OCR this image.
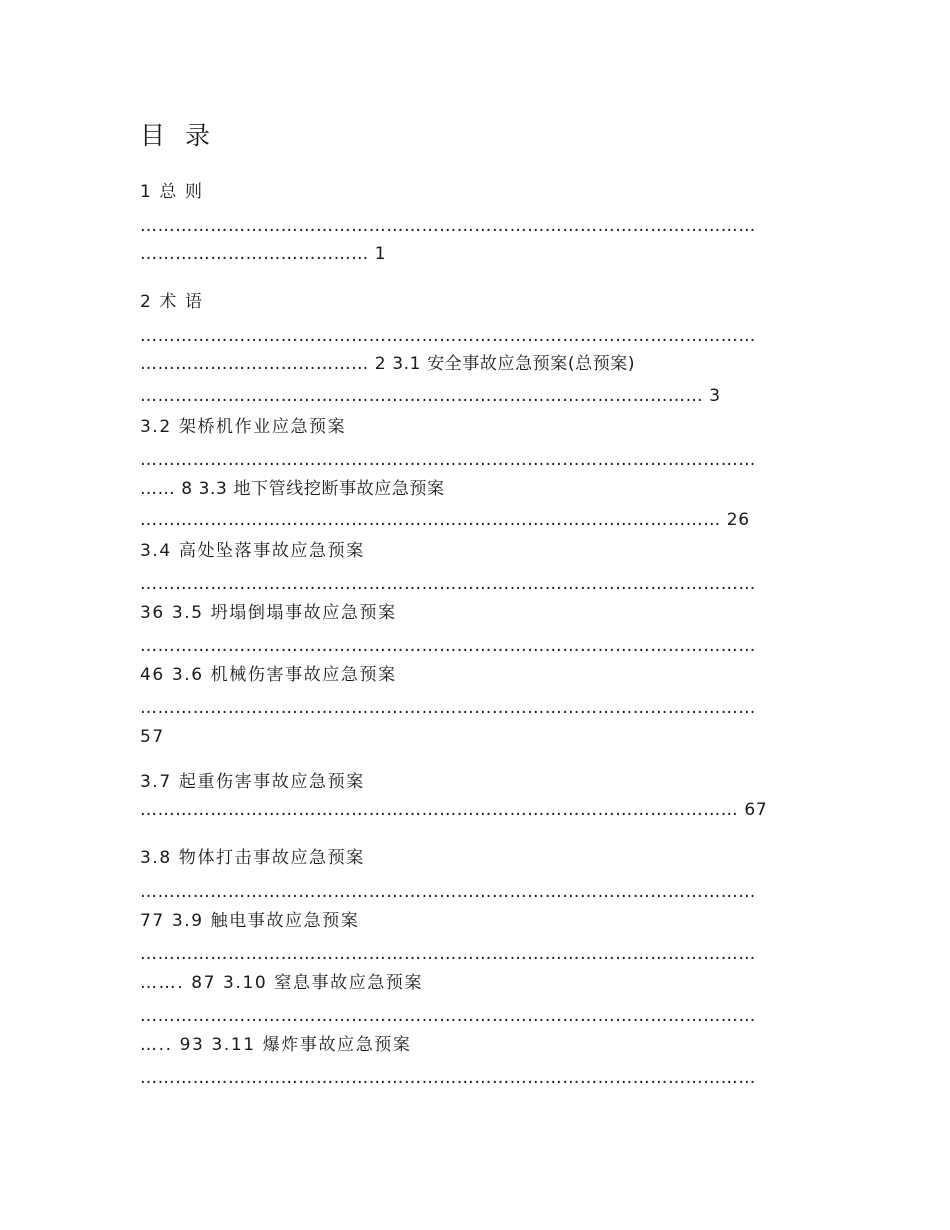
目 录
1 总 则
……………………………………………………………………………………………
………………………………… 1
2 术 语
……………………………………………………………………………………………
………………………………… 2 3.1 安全事故应急预案(总预案)
…………………………………………………………………………………… 3
3.2 架桥机作业应急预案
……………………………………………………………………………………………
…… 8 3.3 地下管线挖断事故应急预案
……………………………………………………………………………………… 26
3.4 高处坠落事故应急预案
……………………………………………………………………………………………
36 3.5 坍塌倒塌事故应急预案
……………………………………………………………………………………………
46 3.6 机械伤害事故应急预案
……………………………………………………………………………………………
57
3.7 起重伤害事故应急预案
………………………………………………………………………………………… 67
3.8 物体打击事故应急预案
……………………………………………………………………………………………
77 3.9 触电事故应急预案
……………………………………………………………………………………………
……. 87 3.10 窒息事故应急预案
……………………………………………………………………………………………
….. 93 3.11 爆炸事故应急预案
……………………………………………………………………………………………
